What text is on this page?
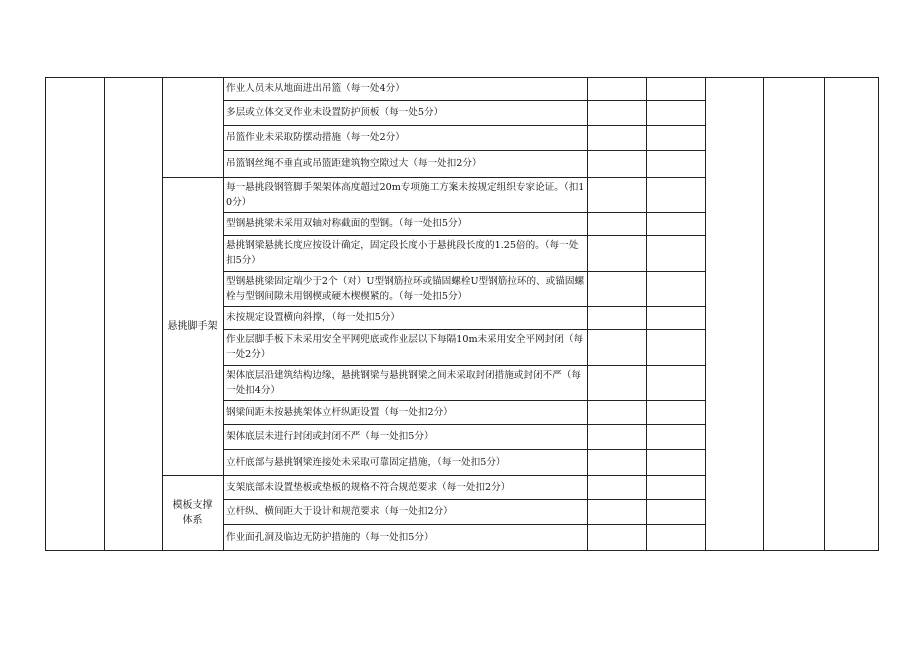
悬挑脚手架
模板支撑体系
作业人员未从地面进出吊篮（每一处4分）
多层或立体交叉作业未设置防护顶板（每一处5分）
吊篮作业未采取防摆动措施（每一处2分）
吊篮钢丝绳不垂直或吊篮距建筑物空隙过大（每一处扣2分）
每一悬挑段钢管脚手架架体高度超过20m专项施工方案未按规定组织专家论证。（扣10分）
型钢悬挑梁未采用双轴对称截面的型钢。（每一处扣5分）
悬挑钢梁悬挑长度应按设计确定，固定段长度小于悬挑段长度的1.25倍的。（每一处扣5分）
型钢悬挑梁固定端少于2个（对）U型钢筋拉环或锚固螺栓U型钢筋拉环的、或锚固螺栓与型钢间隙未用钢楔或硬木楔楔紧的。（每一处扣5分）
未按规定设置横向斜撑，（每一处扣5分）
作业层脚手板下未采用安全平网兜底或作业层以下每隔10m未采用安全平网封闭（每一处2分）
架体底层沿建筑结构边缘，悬挑钢梁与悬挑钢梁之间未采取封闭措施或封闭不严（每一处扣4分）
钢梁间距未按悬挑架体立杆纵距设置（每一处扣2分）
架体底层未进行封闭或封闭不严（每一处扣5分）
立杆底部与悬挑钢梁连接处未采取可靠固定措施，（每一处扣5分）
支架底部未设置垫板或垫板的规格不符合规范要求（每一处扣2分）
立杆纵、横间距大于设计和规范要求（每一处扣2分）
作业面孔洞及临边无防护措施的（每一处扣5分）
